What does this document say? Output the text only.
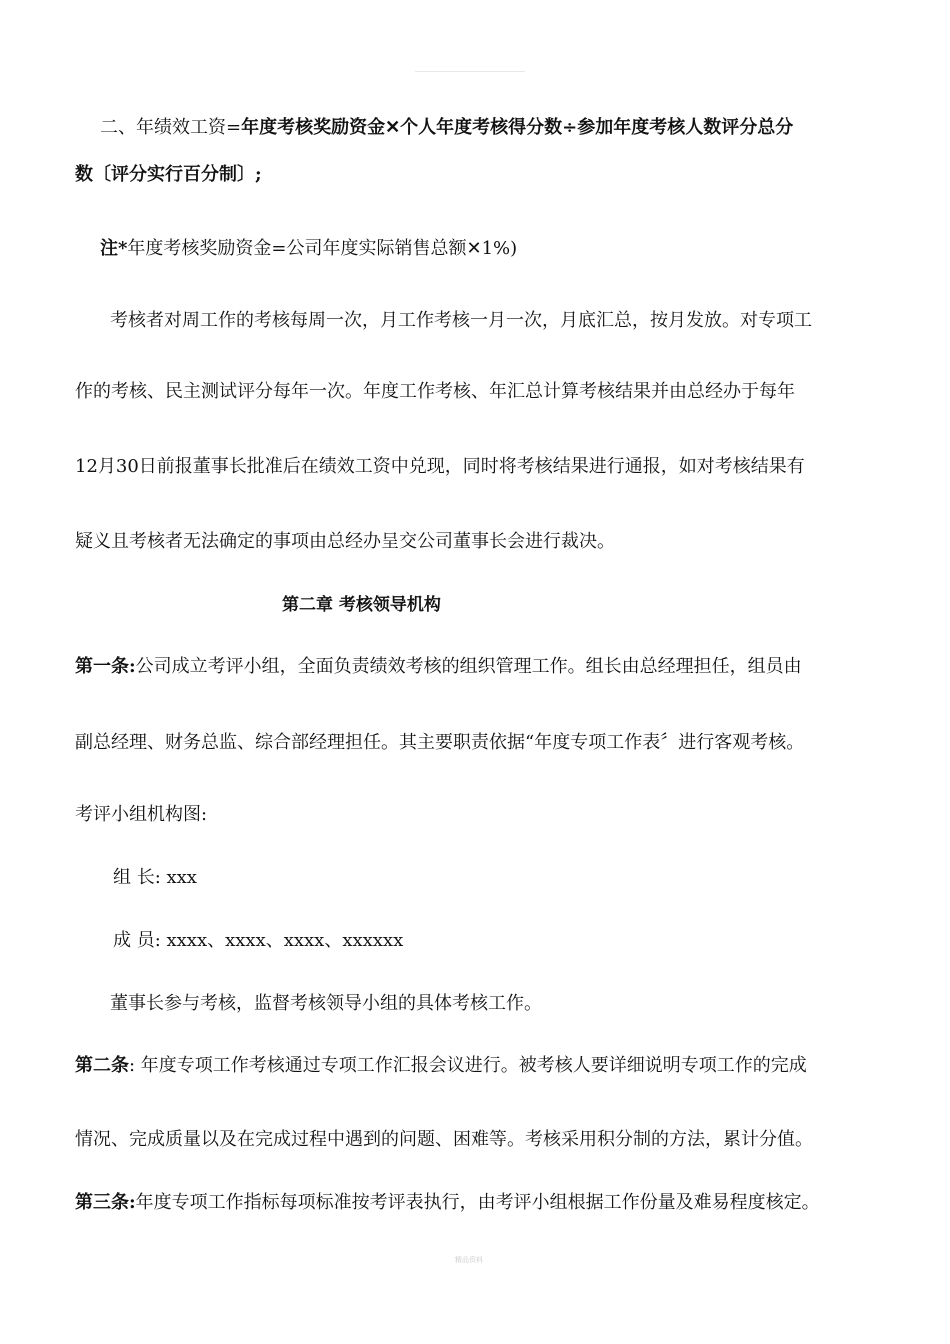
二、年绩效工资=年度考核奖励资金✕个人年度考核得分数÷参加年度考核人数评分总分
数〔评分实行百分制〕;
注*年度考核奖励资金=公司年度实际销售总额✕1%)
考核者对周工作的考核每周一次，月工作考核一月一次，月底汇总，按月发放。对专项工
作的考核、民主测试评分每年一次。年度工作考核、年汇总计算考核结果并由总经办于每年
12月30日前报董事长批准后在绩效工资中兑现，同时将考核结果进行通报，如对考核结果有
疑义且考核者无法确定的事项由总经办呈交公司董事长会进行裁决。
第二章 考核领导机构
第一条:公司成立考评小组，全面负责绩效考核的组织管理工作。组长由总经理担任，组员由
副总经理、财务总监、综合部经理担任。其主要职责依据“年度专项工作表〞进行客观考核。
考评小组机构图:
组 长: xxx
成 员: xxxx、xxxx、xxxx、xxxxxx
董事长参与考核，监督考核领导小组的具体考核工作。
第二条: 年度专项工作考核通过专项工作汇报会议进行。被考核人要详细说明专项工作的完成
情况、完成质量以及在完成过程中遇到的问题、困难等。考核采用积分制的方法，累计分值。
第三条:年度专项工作指标每项标准按考评表执行，由考评小组根据工作份量及难易程度核定。
精品资料
